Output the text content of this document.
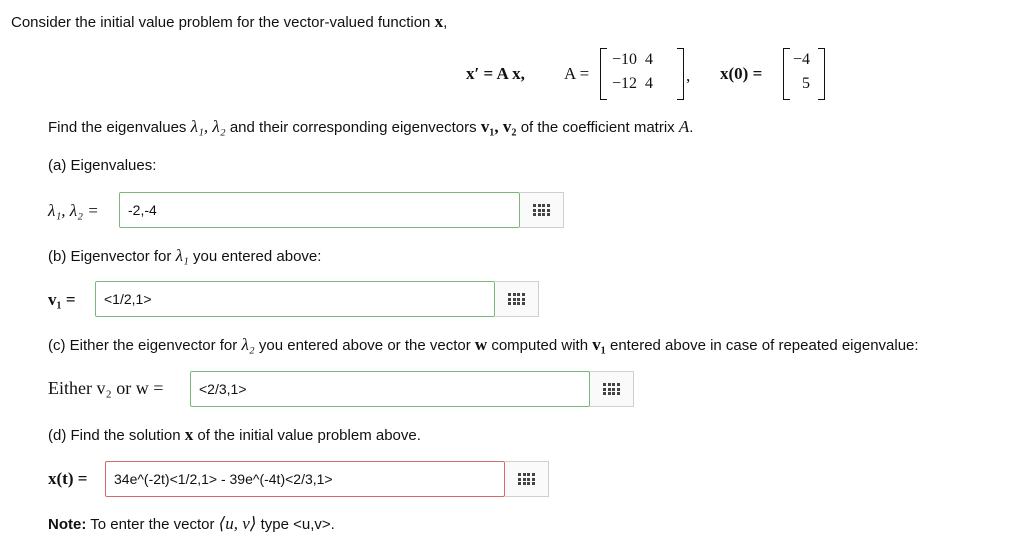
Consider the initial value problem for the vector-valued function x,
x′ = A x, A =
−10	4
−12	4 , x(0) =
−4
5
Find the eigenvalues λ₁, λ₂ and their corresponding eigenvectors v₁, v₂ of the coefficient matrix A.
(a) Eigenvalues:
λ₁, λ₂ =	-2,-4
(b) Eigenvector for λ₁ you entered above:
v₁ =	<1/2,1>
(c) Either the eigenvector for λ₂ you entered above or the vector w computed with v₁ entered above in case of repeated eigenvalue:
Either v₂ or w =	<2/3,1>
(d) Find the solution x of the initial value problem above.
x(t) =	34e^(-2t)<1/2,1> - 39e^(-4t)<2/3,1>
Note: To enter the vector ⟨u, v⟩ type <u,v>.
